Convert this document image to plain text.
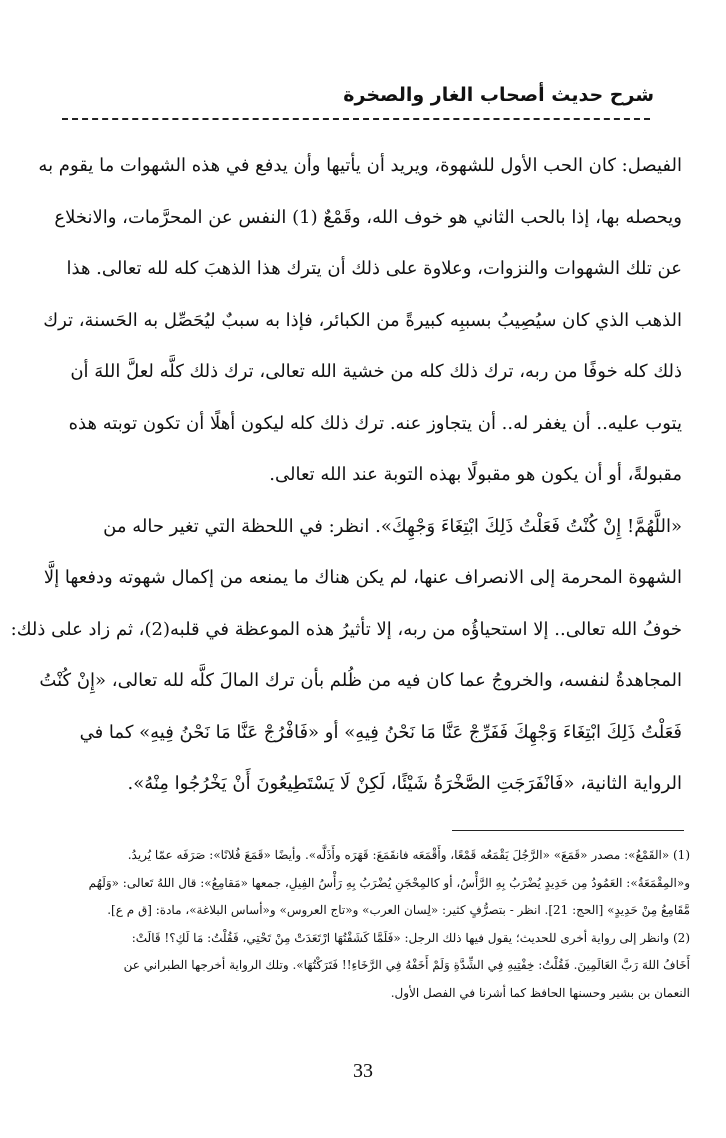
شرح حديث أصحاب الغار والصخرة
الفيصل: كان الحب الأول للشهوة، ويريد أن يأتيها وأن يدفع في هذه الشهوات ما يقوم به
ويحصله بها، إذا بالحب الثاني هو خوف الله، وقَمْعٌ (1) النفس عن المحرَّمات، والانخلاع
عن تلك الشهوات والنزوات، وعلاوة على ذلك أن يترك هذا الذهبَ كله لله تعالى. هذا
الذهب الذي كان سيُصِيبُ بسببِه كبيرةً من الكبائر، فإذا به سببٌ ليُحَصِّل به الحَسنة، ترك
ذلك كله خوفًا من ربه، ترك ذلك كله من خشية الله تعالى، ترك ذلك كلَّه لعلَّ اللهَ أن
يتوب عليه.. أن يغفر له.. أن يتجاوز عنه. ترك ذلك كله ليكون أهلًا أن تكون توبته هذه
مقبولةً، أو أن يكون هو مقبولًا بهذه التوبة عند الله تعالى.
«اللَّهُمَّ! إِنْ كُنْتُ فَعَلْتُ ذَلِكَ ابْتِغَاءَ وَجْهِكَ». انظر: في اللحظة التي تغير حاله من
الشهوة المحرمة إلى الانصراف عنها، لم يكن هناك ما يمنعه من إكمال شهوته ودفعها إلَّا
خوفُ الله تعالى.. إلا استحياؤُه من ربه، إلا تأثيرُ هذه الموعظة في قلبه(2)، ثم زاد على ذلك:
المجاهدةُ لنفسه، والخروجُ عما كان فيه من ظُلم بأن ترك المالَ كلَّه لله تعالى، «إِنْ كُنْتُ
فَعَلْتُ ذَلِكَ ابْتِغَاءَ وَجْهِكَ فَفَرِّجْ عَنَّا مَا نَحْنُ فِيهِ» أو «فَافْرُجْ عَنَّا مَا نَحْنُ فِيهِ» كما في
الرواية الثانية، «فَانْفَرَجَتِ الصَّخْرَةُ شَيْئًا، لَكِنْ لَا يَسْتَطِيعُونَ أَنْ يَخْرُجُوا مِنْهُ».
(1) «القَمْعُ»: مصدر «قَمَعَ» «الرَّجُلَ يَقْمَعُه قَمْعًا، وأَقْمَعَه فانقَمَعَ: قَهَرَه وأَذَلَّه». وأيضًا «قَمَعَ فُلانًا»: صَرَفَه عمّا يُريدُ.
و«المِقْمَعَةُ»: العَمُودُ مِن حَدِيدٍ يُضْرَبُ بِهِ الرَّأْسُ، أو كالمِحْجَنِ يُضْرَبُ بِهِ رَأْسُ الفِيلِ، جمعها «مَقامِعُ»: قال اللهُ تَعالى: «وَلَهُم
مَّقَامِعُ مِنْ حَدِيدٍ» [الحج: 21]. انظر - بتصرُّفٍ كثير: «لِسان العرب» و«تاج العروس» و«أساس البلاغة»، مادة: [ق م ع].
(2) وانظر إلى رواية أخرى للحديث؛ يقول فيها ذلك الرجل: «فَلَمَّا كَشَفْتُهَا ارْتَعَدَتْ مِنْ تَحْتِي، فَقُلْتُ: مَا لَكِ؟! قَالَتْ:
أَخَافُ اللهَ رَبَّ العَالَمِينَ. فَقُلْتُ: خِفْتِيهِ فِي الشِّدَّةِ وَلَمْ أَخَفْهُ فِي الرَّخَاءِ!! فَتَرَكْتُهَا». وتلك الرواية أخرجها الطبراني عن
النعمان بن بشير وحسنها الحافظ كما أشرنا في الفصل الأول.
33
